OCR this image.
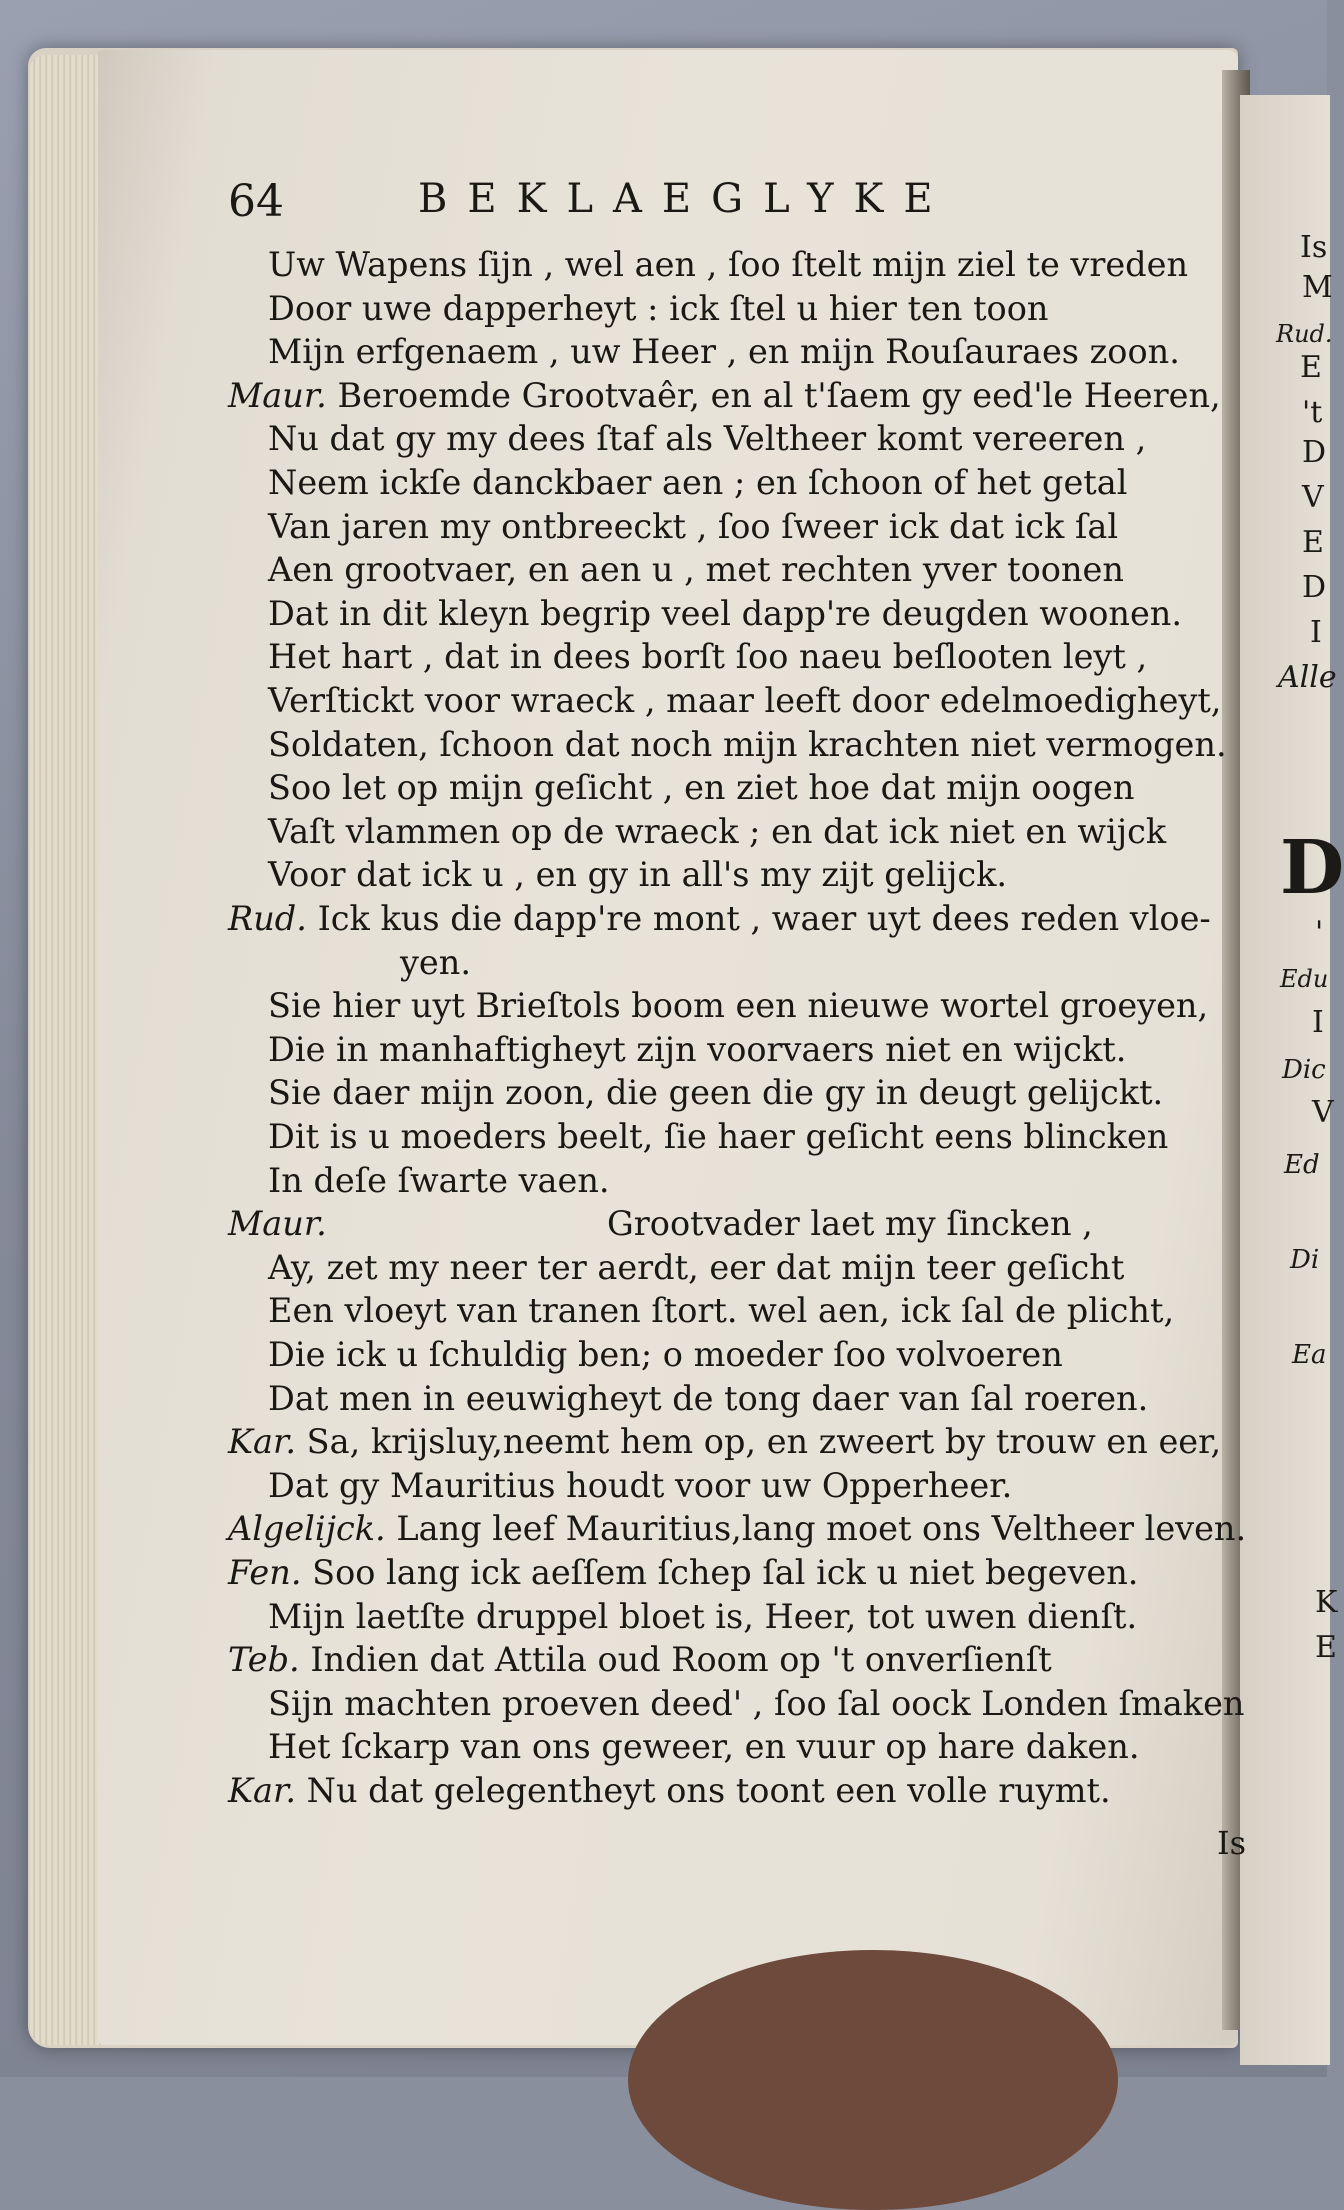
Is
M
Rud.
E
't
D
V
E
D
I
Alle
D
'
Edu
I
Dic
V
Ed
Di
Ea
K
E
64	BEKLAEGLYKE
Uw Wapens ſijn , wel aen , ſoo ſtelt mijn ziel te vreden
Door uwe dapperheyt : ick ſtel u hier ten toon
Mijn erfgenaem , uw Heer , en mijn Rouſauraes zoon.
Maur. Beroemde Grootvaêr, en al t'ſaem gy eed'le Heeren,
Nu dat gy my dees ſtaf als Veltheer komt vereeren ,
Neem ickſe danckbaer aen ; en ſchoon of het getal
Van jaren my ontbreeckt , ſoo ſweer ick dat ick ſal
Aen grootvaer, en aen u , met rechten yver toonen
Dat in dit kleyn begrip veel dapp're deugden woonen.
Het hart , dat in dees borſt ſoo naeu beſlooten leyt ,
Verſtickt voor wraeck , maar leeft door edelmoedigheyt,
Soldaten, ſchoon dat noch mijn krachten niet vermogen.
Soo let op mijn geſicht , en ziet hoe dat mijn oogen
Vaſt vlammen op de wraeck ; en dat ick niet en wijck
Voor dat ick u , en gy in all's my zijt gelijck.
Rud. Ick kus die dapp're mont , waer uyt dees reden vloe-
yen.
Sie hier uyt Brieſtols boom een nieuwe wortel groeyen,
Die in manhaftigheyt zijn voorvaers niet en wijckt.
Sie daer mijn zoon, die geen die gy in deugt gelijckt.
Dit is u moeders beelt, ſie haer geſicht eens blincken
In deſe ſwarte vaen.
Maur.	Grootvader laet my ſincken ,
Ay, zet my neer ter aerdt, eer dat mijn teer geſicht
Een vloeyt van tranen ſtort. wel aen, ick ſal de plicht,
Die ick u ſchuldig ben; o moeder ſoo volvoeren
Dat men in eeuwigheyt de tong daer van ſal roeren.
Kar. Sa, krijsluy,neemt hem op, en zweert by trouw en eer,
Dat gy Mauritius houdt voor uw Opperheer.
Algelijck. Lang leef Mauritius,lang moet ons Veltheer leven.
Fen. Soo lang ick aeſſem ſchep ſal ick u niet begeven.
Mijn laetſte druppel bloet is, Heer, tot uwen dienſt.
Teb. Indien dat Attila oud Room op 't onverſienſt
Sijn machten proeven deed' , ſoo ſal oock Londen ſmaken
Het ſckarp van ons geweer, en vuur op hare daken.
Kar. Nu dat gelegentheyt ons toont een volle ruymt.
Is
